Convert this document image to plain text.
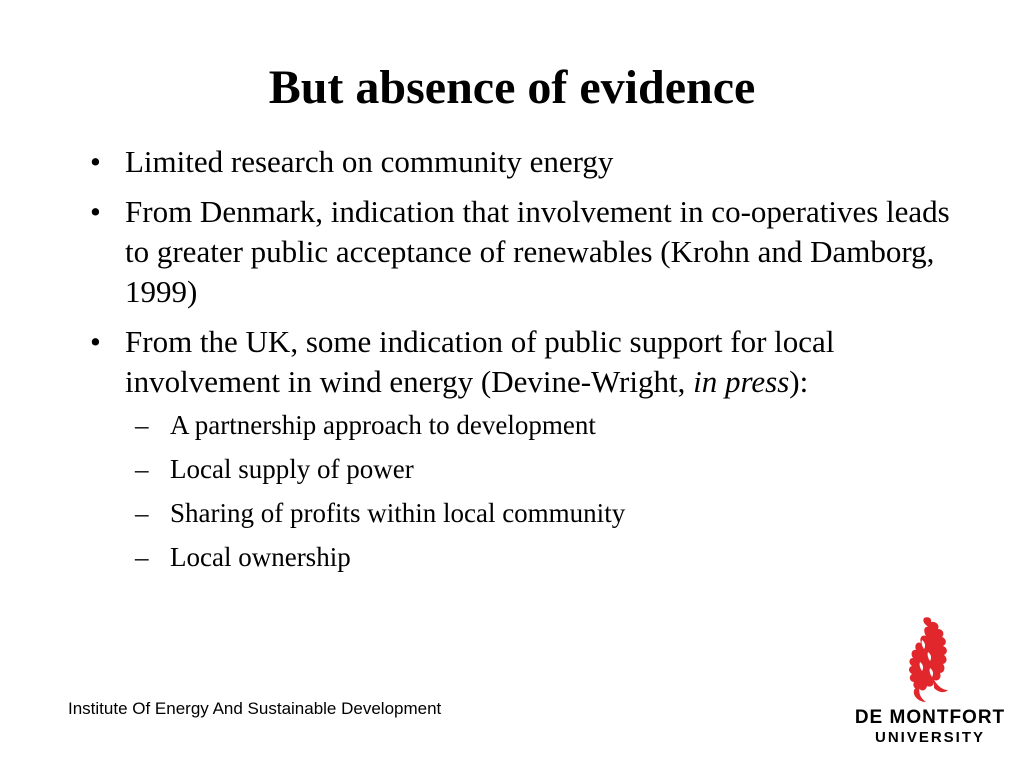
But absence of evidence
• Limited research on community energy
• From Denmark, indication that involvement in co-operatives leads to greater public acceptance of renewables (Krohn and Damborg, 1999)
• From the UK, some indication of public support for local involvement in wind energy (Devine-Wright, in press):
– A partnership approach to development
– Local supply of power
– Sharing of profits within local community
– Local ownership
Institute Of Energy And Sustainable Development	DE MONTFORT
UNIVERSITY
